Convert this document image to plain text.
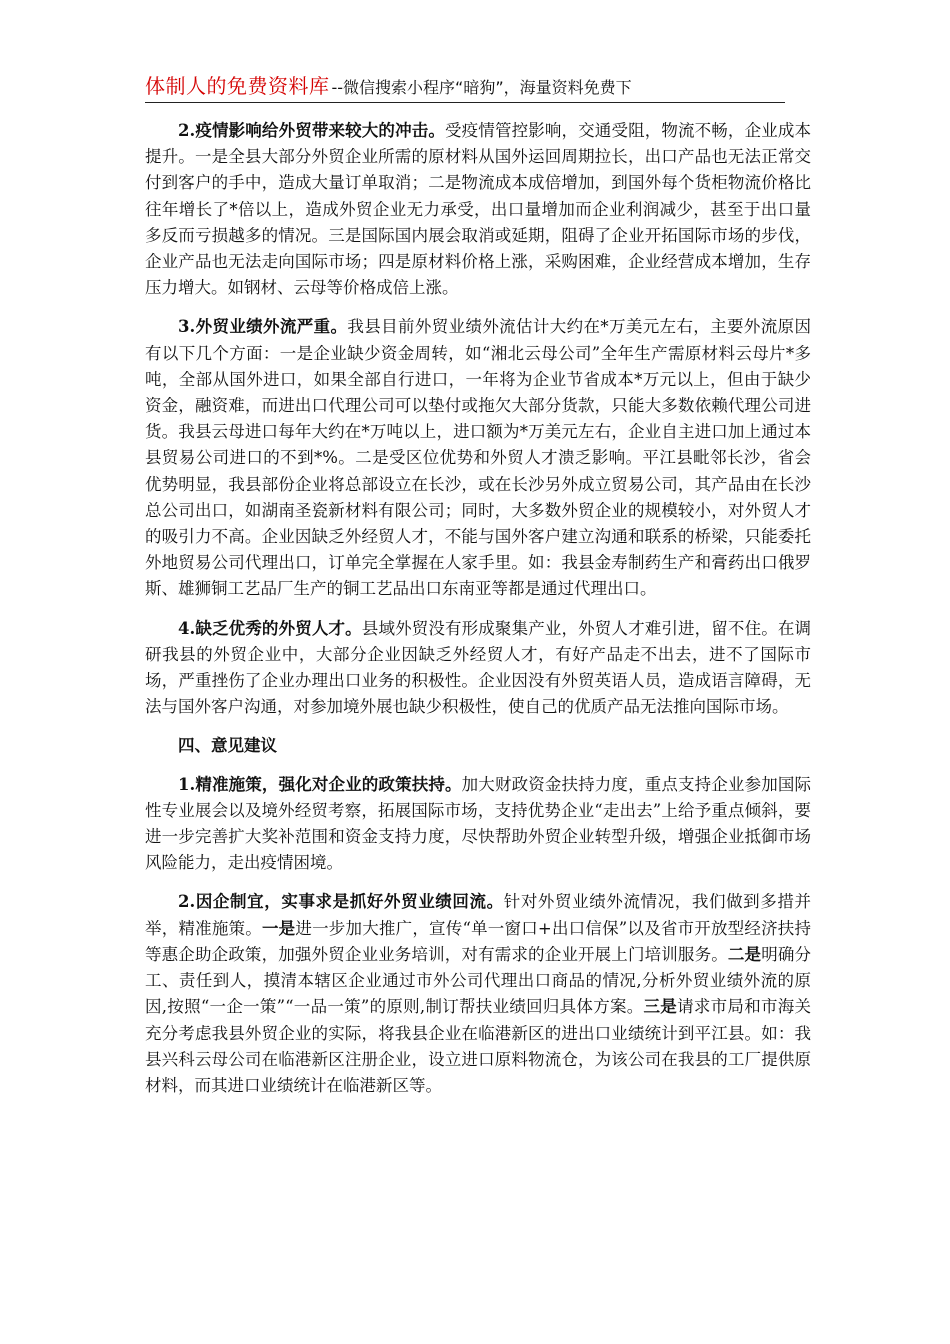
体制人的免费资料库 --微信搜索小程序“暗狗”，海量资料免费下

2.疫情影响给外贸带来较大的冲击。受疫情管控影响，交通受阻，物流不畅，企业成本提升。一是全县大部分外贸企业所需的原材料从国外运回周期拉长，出口产品也无法正常交付到客户的手中，造成大量订单取消；二是物流成本成倍增加，到国外每个货柜物流价格比往年增长了*倍以上，造成外贸企业无力承受，出口量增加而企业利润减少，甚至于出口量多反而亏损越多的情况。三是国际国内展会取消或延期，阻碍了企业开拓国际市场的步伐，企业产品也无法走向国际市场；四是原材料价格上涨，采购困难，企业经营成本增加，生存压力增大。如钢材、云母等价格成倍上涨。

3.外贸业绩外流严重。我县目前外贸业绩外流估计大约在*万美元左右，主要外流原因有以下几个方面：一是企业缺少资金周转，如“湘北云母公司”全年生产需原材料云母片*多吨，全部从国外进口，如果全部自行进口，一年将为企业节省成本*万元以上，但由于缺少资金，融资难，而进出口代理公司可以垫付或拖欠大部分货款，只能大多数依赖代理公司进货。我县云母进口每年大约在*万吨以上，进口额为*万美元左右，企业自主进口加上通过本县贸易公司进口的不到*%。二是受区位优势和外贸人才溃乏影响。平江县毗邻长沙，省会优势明显，我县部份企业将总部设立在长沙，或在长沙另外成立贸易公司，其产品由在长沙总公司出口，如湖南圣瓷新材料有限公司；同时，大多数外贸企业的规模较小，对外贸人才的吸引力不高。企业因缺乏外经贸人才，不能与国外客户建立沟通和联系的桥梁，只能委托外地贸易公司代理出口，订单完全掌握在人家手里。如：我县金寿制药生产和膏药出口俄罗斯、雄狮铜工艺品厂生产的铜工艺品出口东南亚等都是通过代理出口。

4.缺乏优秀的外贸人才。县域外贸没有形成聚集产业，外贸人才难引进，留不住。在调研我县的外贸企业中，大部分企业因缺乏外经贸人才，有好产品走不出去，进不了国际市场，严重挫伤了企业办理出口业务的积极性。企业因没有外贸英语人员，造成语言障碍，无法与国外客户沟通，对参加境外展也缺少积极性，使自己的优质产品无法推向国际市场。

四、意见建议

1.精准施策，强化对企业的政策扶持。加大财政资金扶持力度，重点支持企业参加国际性专业展会以及境外经贸考察，拓展国际市场，支持优势企业“走出去”上给予重点倾斜，要进一步完善扩大奖补范围和资金支持力度，尽快帮助外贸企业转型升级，增强企业抵御市场风险能力，走出疫情困境。

2.因企制宜，实事求是抓好外贸业绩回流。针对外贸业绩外流情况，我们做到多措并举，精准施策。一是进一步加大推广，宣传“单一窗口+出口信保”以及省市开放型经济扶持等惠企助企政策，加强外贸企业业务培训，对有需求的企业开展上门培训服务。二是明确分工、责任到人，摸清本辖区企业通过市外公司代理出口商品的情况,分析外贸业绩外流的原因,按照“一企一策”“一品一策”的原则,制订帮扶业绩回归具体方案。三是请求市局和市海关充分考虑我县外贸企业的实际，将我县企业在临港新区的进出口业绩统计到平江县。如：我县兴科云母公司在临港新区注册企业，设立进口原料物流仓，为该公司在我县的工厂提供原材料，而其进口业绩统计在临港新区等。
